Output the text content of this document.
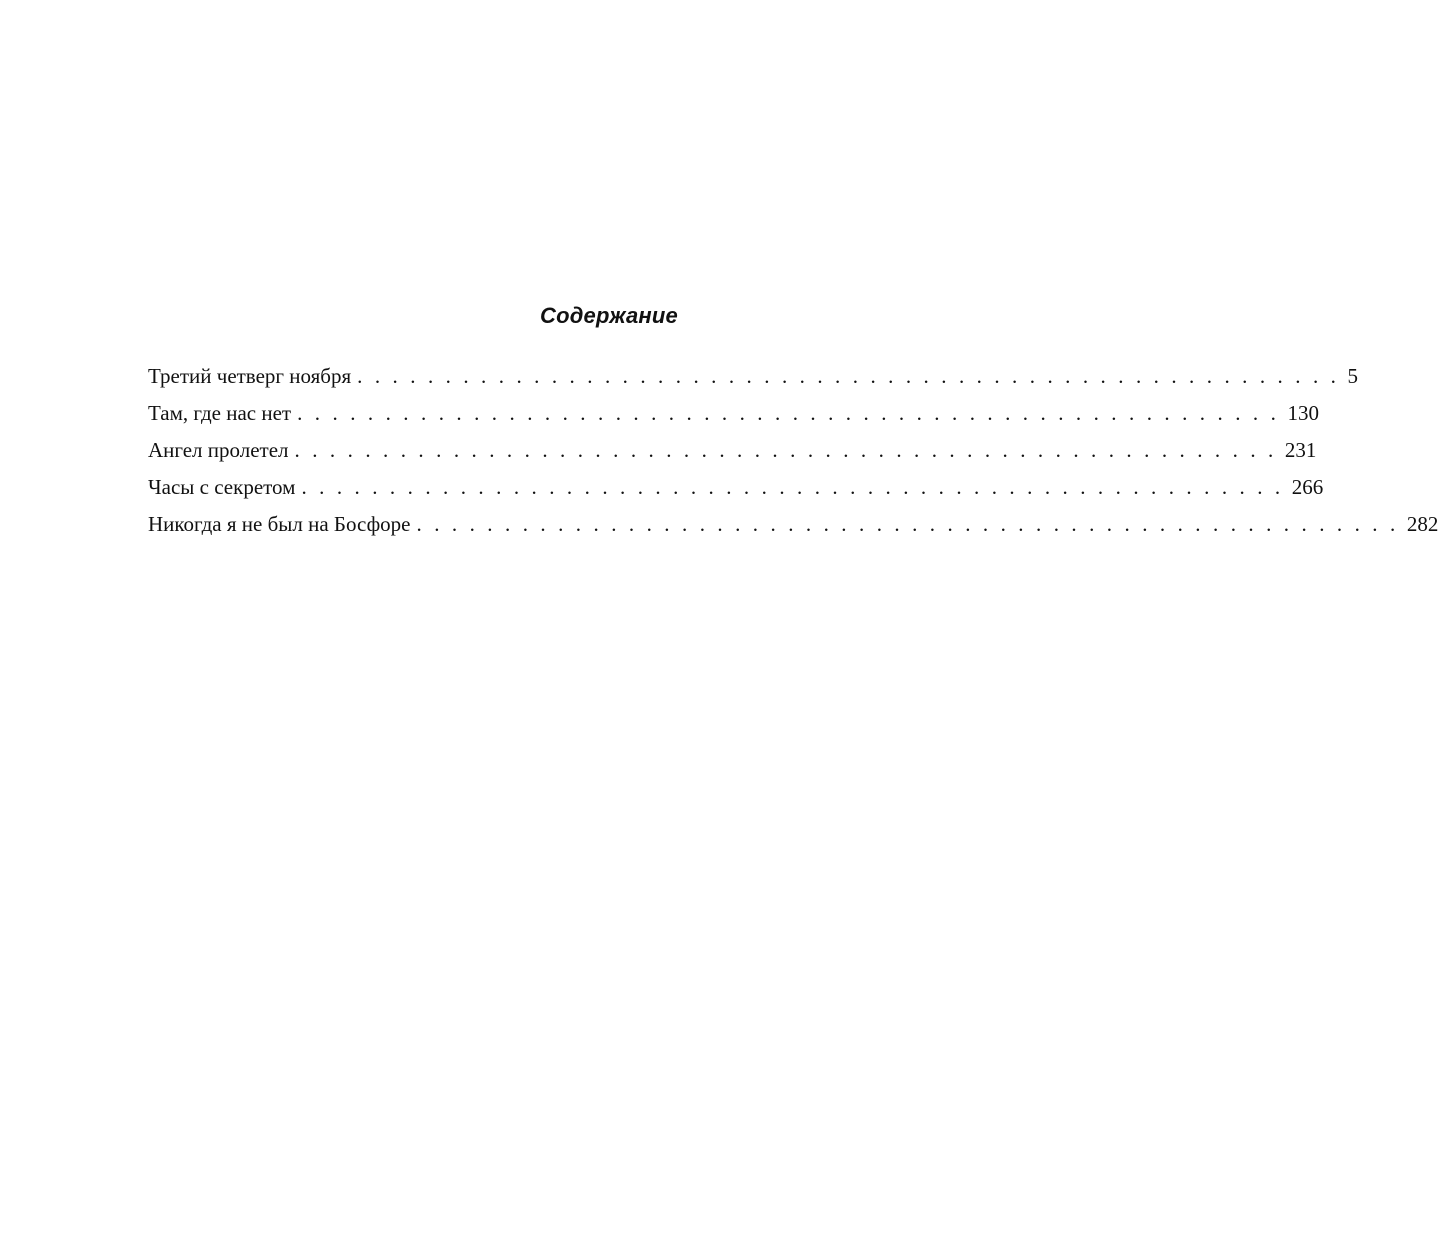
Содержание
Третий четверг ноября . . . . . . . . . . . . . . . . . . . . . . . . . . . . . . . . . . . . . . . . . . . . . . . . . . . . . . . . 5
Там, где нас нет . . . . . . . . . . . . . . . . . . . . . . . . . . . . . . . . . . . . . . . . . . . . . . . . . . . . . . . . 130
Ангел пролетел . . . . . . . . . . . . . . . . . . . . . . . . . . . . . . . . . . . . . . . . . . . . . . . . . . . . . . . . 231
Часы с секретом . . . . . . . . . . . . . . . . . . . . . . . . . . . . . . . . . . . . . . . . . . . . . . . . . . . . . . . . 266
Никогда я не был на Босфоре . . . . . . . . . . . . . . . . . . . . . . . . . . . . . . . . . . . . . . . . . . . . . . . . . . . . . . . . 282
